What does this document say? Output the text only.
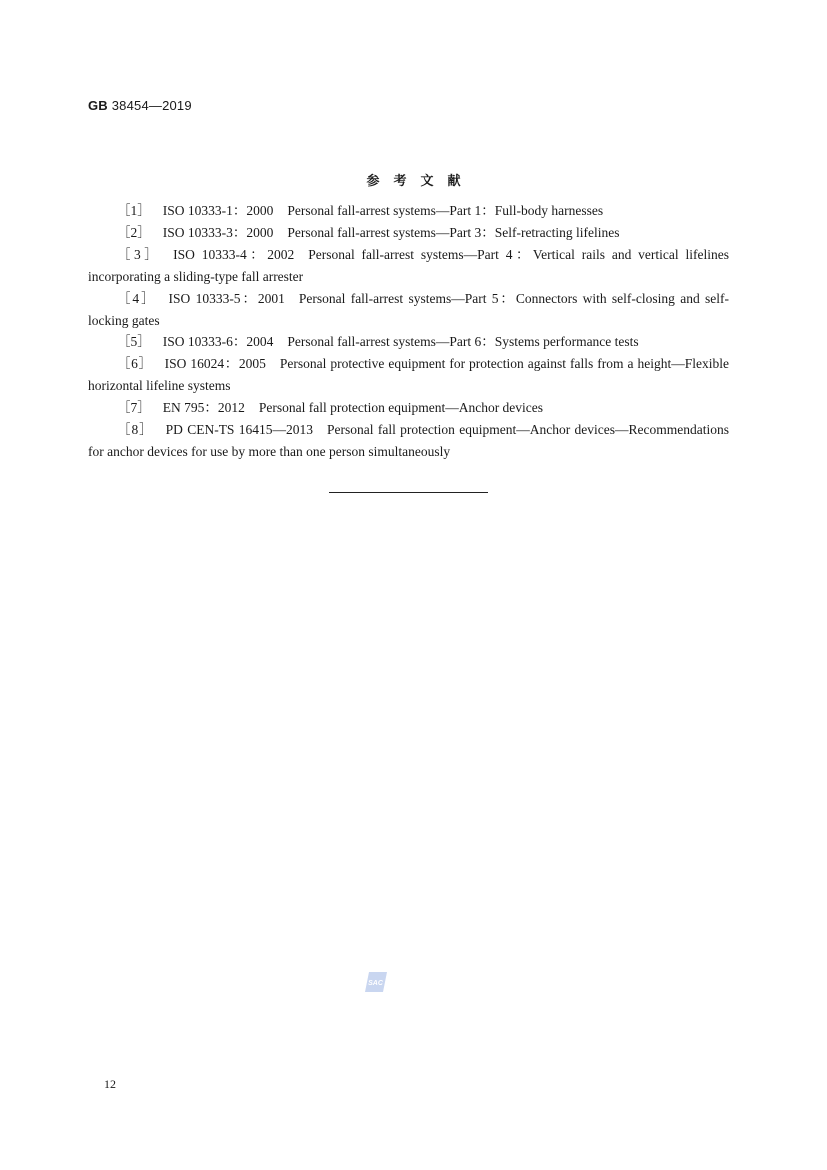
GB 38454—2019
参考文献
［1］ ISO 10333-1：2000 Personal fall-arrest systems—Part 1：Full-body harnesses
［2］ ISO 10333-3：2000 Personal fall-arrest systems—Part 3：Self-retracting lifelines
［3］ ISO 10333-4：2002 Personal fall-arrest systems—Part 4：Vertical rails and vertical lifelines incorporating a sliding-type fall arrester
［4］ ISO 10333-5：2001 Personal fall-arrest systems—Part 5：Connectors with self-closing and self-locking gates
［5］ ISO 10333-6：2004 Personal fall-arrest systems—Part 6：Systems performance tests
［6］ ISO 16024：2005 Personal protective equipment for protection against falls from a height—Flexible horizontal lifeline systems
［7］ EN 795：2012 Personal fall protection equipment—Anchor devices
［8］ PD CEN-TS 16415—2013 Personal fall protection equipment—Anchor devices—Recommendations for anchor devices for use by more than one person simultaneously
SAC
12
